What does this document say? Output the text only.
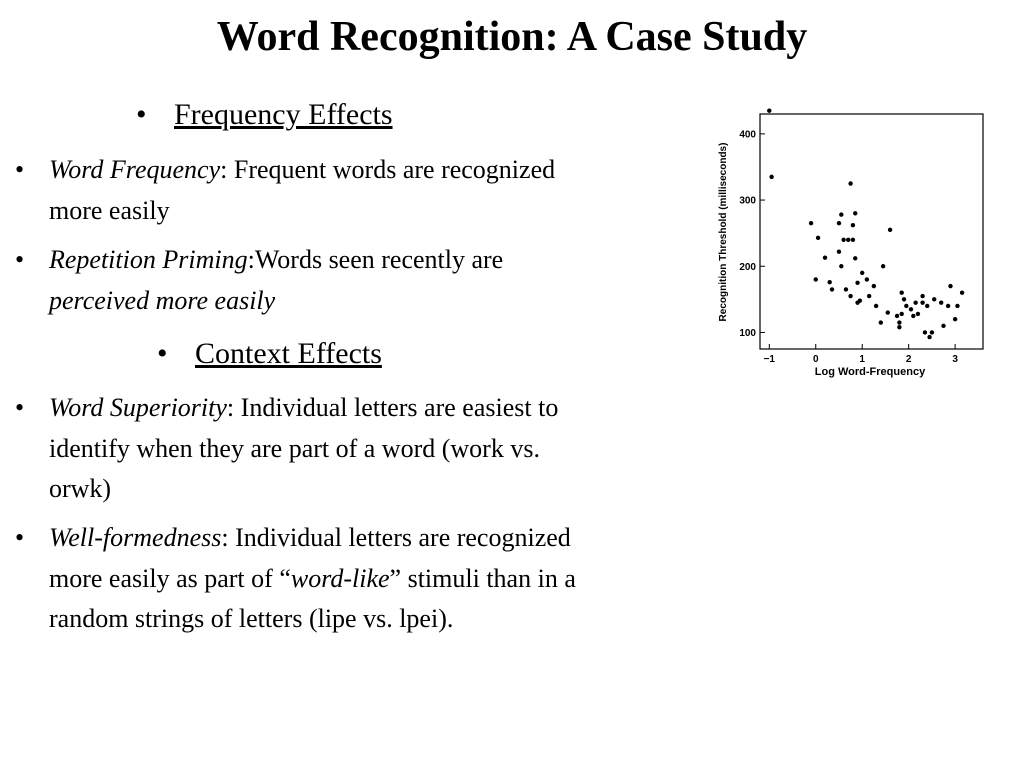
Word Recognition: A Case Study
• Frequency Effects
• Word Frequency: Frequent words are recognized more easily
• Repetition Priming:Words seen recently are perceived more easily
• Context Effects
• Word Superiority: Individual letters are easiest to identify when they are part of a word (work vs. orwk)
• Well-formedness: Individual letters are recognized more easily as part of “word-like” stimuli than in a random strings of letters (lipe vs. lpei).
−1	0	1	2	3
100
200
300
400
Log Word-Frequency
Recognition Threshold (milliseconds)
